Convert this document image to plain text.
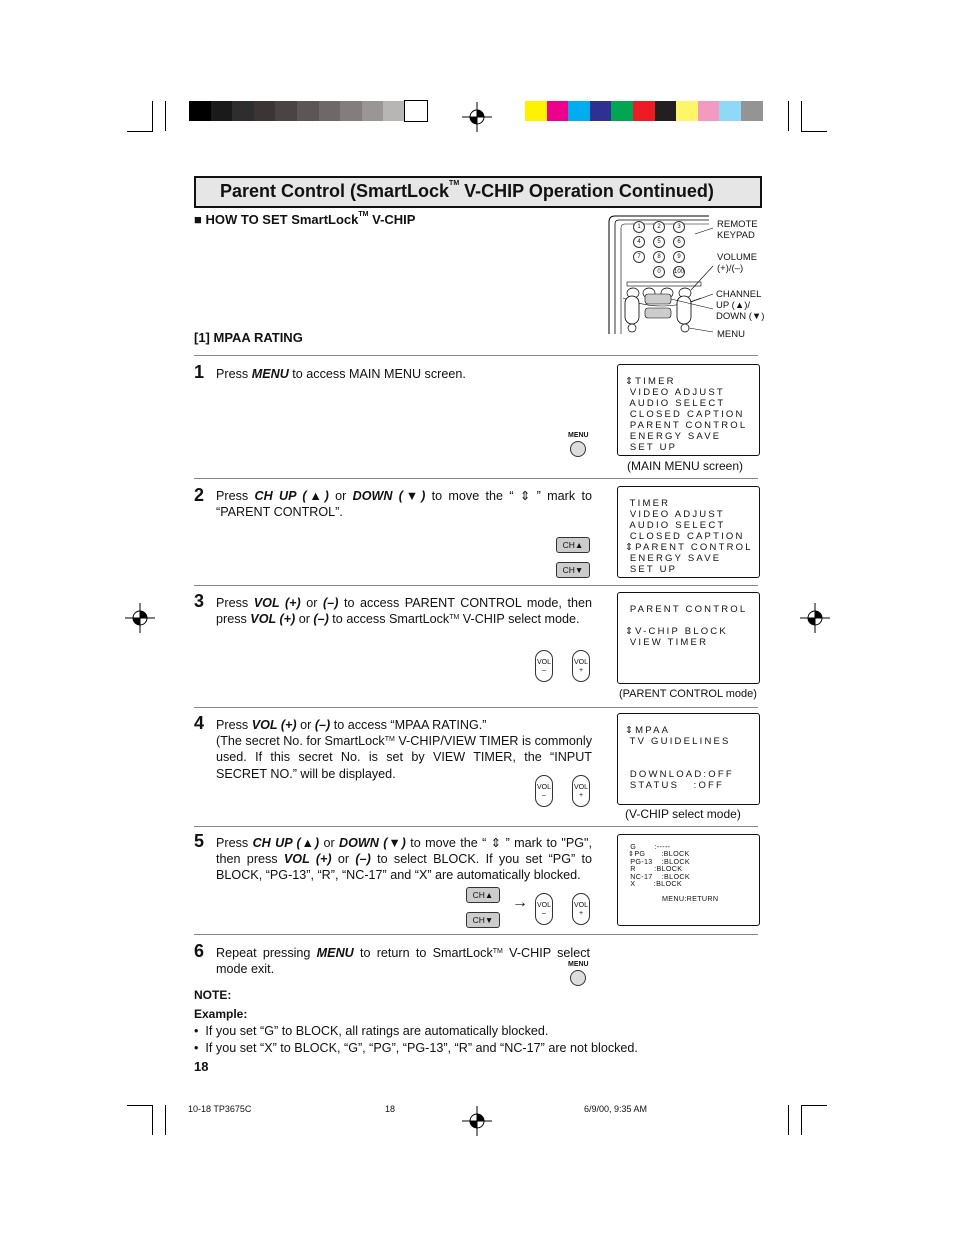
Parent Control (SmartLock™ V-CHIP Operation Continued)
■ HOW TO SET SmartLock™ V-CHIP	1	2	3
4	5	6
7	8	9
0	100
REMOTE
KEYPAD
VOLUME
(+)/(–)
CHANNEL
UP (▲)/
DOWN (▼)
MENU
[1] MPAA RATING
1 Press MENU to access MAIN MENU screen.
MENU
⇕TIMER
VIDEO ADJUST
AUDIO SELECT
CLOSED CAPTION
PARENT CONTROL
ENERGY SAVE
SET UP
(MAIN MENU screen)
2 Press CH UP (▲) or DOWN (▼) to move the “ ⇕ ” mark to “PARENT CONTROL”.
CH▲
CH▼
TIMER
VIDEO ADJUST
AUDIO SELECT
CLOSED CAPTION
⇕PARENT CONTROL
ENERGY SAVE
SET UP
3 Press VOL (+) or (–) to access PARENT CONTROL mode, then press VOL (+) or (–) to access SmartLock™ V-CHIP select mode.
VOL
–
VOL
+
PARENT CONTROL

⇕V-CHIP BLOCK
VIEW TIMER
(PARENT CONTROL mode)
4 Press VOL (+) or (–) to access “MPAA RATING.”
(The secret No. for SmartLock™ V-CHIP/VIEW TIMER is commonly used. If this secret No. is set by VIEW TIMER, the “INPUT SECRET NO.” will be displayed.
VOL
–
VOL
+
⇕MPAA
TV GUIDELINES

DOWNLOAD:OFF
STATUS   :OFF
(V-CHIP select mode)
5 Press CH UP (▲) or DOWN (▼) to move the “ ⇕ ” mark to "PG", then press VOL (+) or (–) to select BLOCK. If you set “PG” to BLOCK, “PG-13”, “R”, “NC-17” and “X” are automatically blocked.
CH▲
CH▼
→ VOL
–
VOL
+
G        :-----
⇕PG       :BLOCK
PG-13    :BLOCK
R        :BLOCK
NC-17    :BLOCK
X        :BLOCK
MENU:RETURN
6 Repeat pressing MENU to return to SmartLock™ V-CHIP select mode exit.	MENU
NOTE:
Example:
•  If you set “G” to BLOCK, all ratings are automatically blocked.
•  If you set “X” to BLOCK, “G”, “PG”, “PG-13”, “R” and “NC-17” are not blocked.
18
10-18 TP3675C	18	6/9/00, 9:35 AM
